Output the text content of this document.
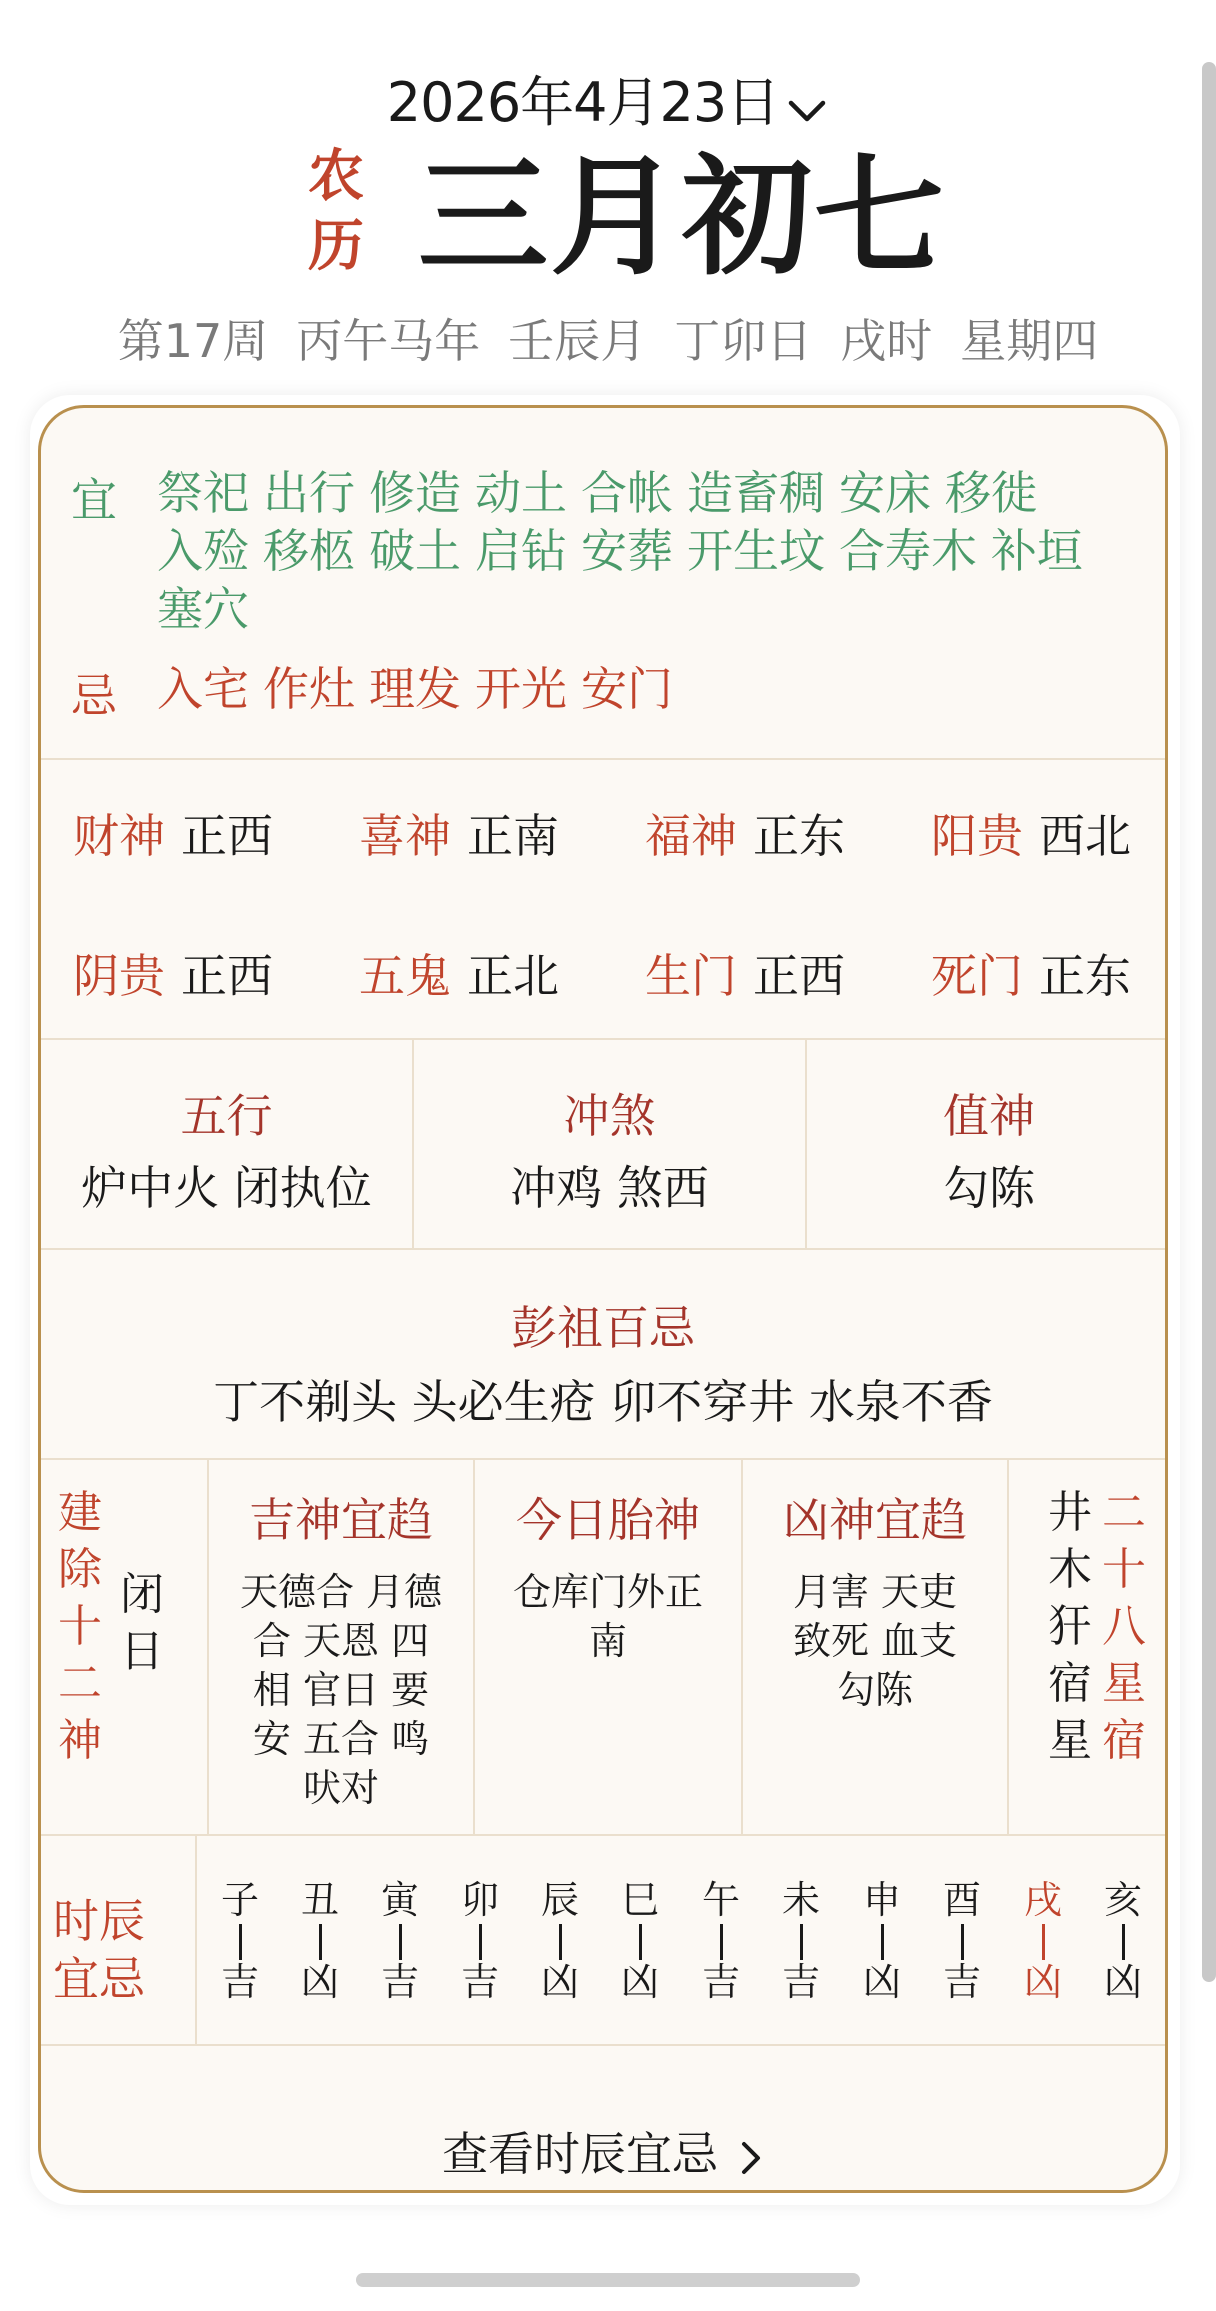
2026年4月23日
农
历 三月初七
第17周 丙午马年 壬辰月 丁卯日 戌时 星期四
宜 祭祀 出行 修造 动土 合帐 造畜稠 安床 移徙
入殓 移柩 破土 启钻 安葬 开生坟 合寿木 补垣
塞穴
忌 入宅 作灶 理发 开光 安门
财神 正西 喜神 正南 福神 正东 阳贵 西北
阴贵 正西 五鬼 正北 生门 正西 死门 正东
五行
炉中火 闭执位
冲煞
冲鸡 煞西
值神
勾陈
彭祖百忌
丁不剃头 头必生疮 卯不穿井 水泉不香
建
除
十
二
神
闭
日
吉神宜趋
天德合 月德
合 天恩 四
相 官日 要
安 五合 鸣
吠对
今日胎神
仓库门外正
南
凶神宜趋
月害 天吏
致死 血支
勾陈
井
木
犴
宿
星
二
十
八
星
宿
时辰
宜忌
子
吉
丑
凶
寅
吉
卯
吉
辰
凶
巳
凶
午
吉
未
吉
申
凶
酉
吉
戌
凶
亥
凶
查看时辰宜忌
